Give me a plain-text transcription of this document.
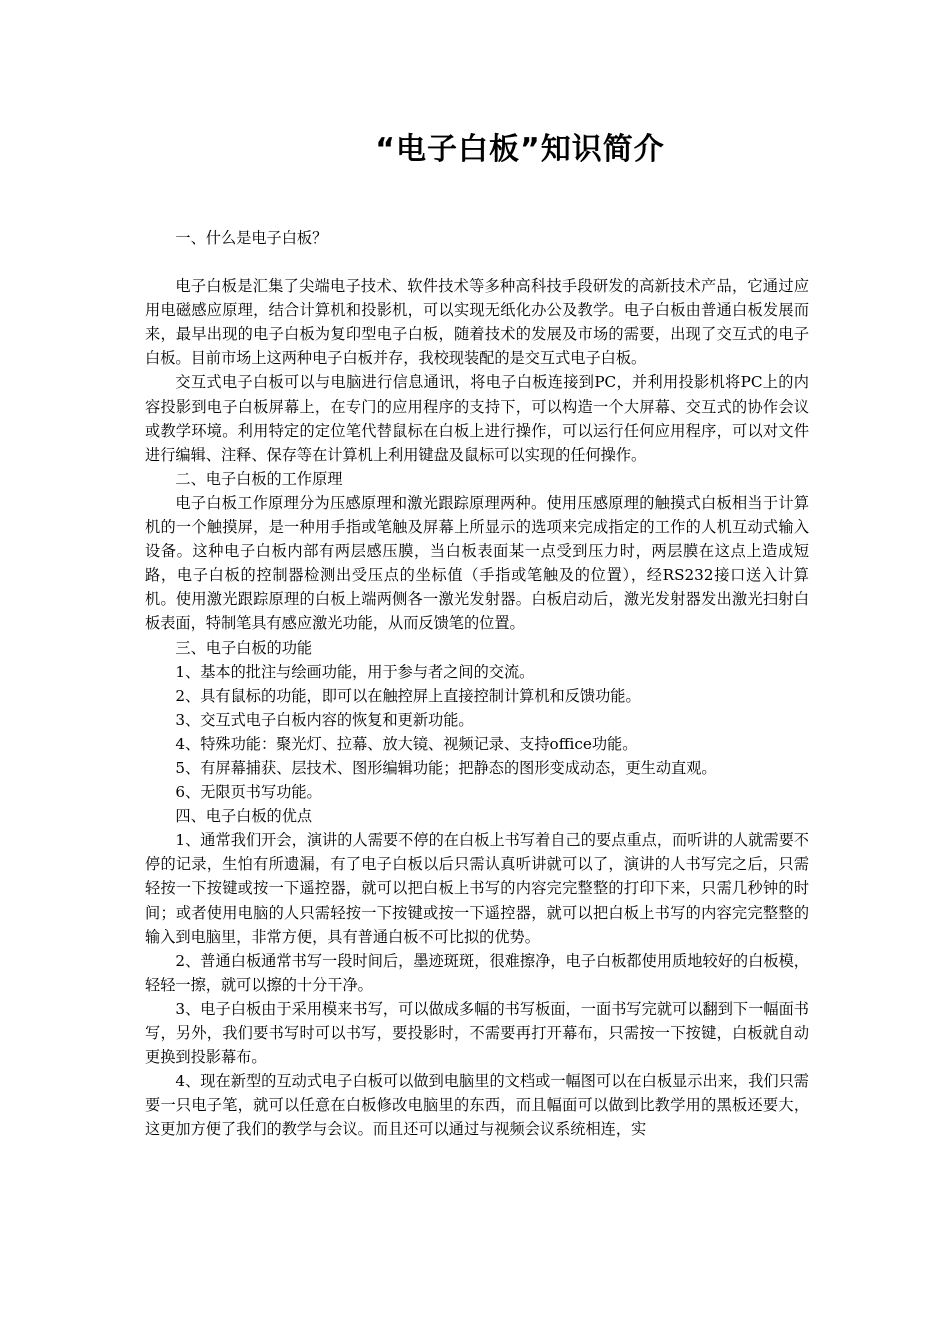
“电子白板”知识简介

一、什么是电子白板？

电子白板是汇集了尖端电子技术、软件技术等多种高科技手段研发的高新技术产品，它通过应用电磁感应原理，结合计算机和投影机，可以实现无纸化办公及教学。电子白板由普通白板发展而来，最早出现的电子白板为复印型电子白板，随着技术的发展及市场的需要，出现了交互式的电子白板。目前市场上这两种电子白板并存，我校现装配的是交互式电子白板。

交互式电子白板可以与电脑进行信息通讯，将电子白板连接到PC，并利用投影机将PC上的内容投影到电子白板屏幕上，在专门的应用程序的支持下，可以构造一个大屏幕、交互式的协作会议或教学环境。利用特定的定位笔代替鼠标在白板上进行操作，可以运行任何应用程序，可以对文件进行编辑、注释、保存等在计算机上利用键盘及鼠标可以实现的任何操作。

二、电子白板的工作原理

电子白板工作原理分为压感原理和激光跟踪原理两种。使用压感原理的触摸式白板相当于计算机的一个触摸屏，是一种用手指或笔触及屏幕上所显示的选项来完成指定的工作的人机互动式输入设备。这种电子白板内部有两层感压膜，当白板表面某一点受到压力时，两层膜在这点上造成短路，电子白板的控制器检测出受压点的坐标值（手指或笔触及的位置），经RS232接口送入计算机。使用激光跟踪原理的白板上端两侧各一激光发射器。白板启动后，激光发射器发出激光扫射白板表面，特制笔具有感应激光功能，从而反馈笔的位置。

三、电子白板的功能

1、基本的批注与绘画功能，用于参与者之间的交流。

2、具有鼠标的功能，即可以在触控屏上直接控制计算机和反馈功能。

3、交互式电子白板内容的恢复和更新功能。

4、特殊功能：聚光灯、拉幕、放大镜、视频记录、支持office功能。

5、有屏幕捕获、层技术、图形编辑功能；把静态的图形变成动态，更生动直观。

6、无限页书写功能。

四、电子白板的优点

1、通常我们开会，演讲的人需要不停的在白板上书写着自己的要点重点，而听讲的人就需要不停的记录，生怕有所遗漏，有了电子白板以后只需认真听讲就可以了，演讲的人书写完之后，只需轻按一下按键或按一下遥控器，就可以把白板上书写的内容完完整整的打印下来，只需几秒钟的时间；或者使用电脑的人只需轻按一下按键或按一下遥控器，就可以把白板上书写的内容完完整整的输入到电脑里，非常方便，具有普通白板不可比拟的优势。

2、普通白板通常书写一段时间后，墨迹斑斑，很难擦净，电子白板都使用质地较好的白板模，轻轻一擦，就可以擦的十分干净。

3、电子白板由于采用模来书写，可以做成多幅的书写板面，一面书写完就可以翻到下一幅面书写，另外，我们要书写时可以书写，要投影时，不需要再打开幕布，只需按一下按键，白板就自动更换到投影幕布。

4、现在新型的互动式电子白板可以做到电脑里的文档或一幅图可以在白板显示出来，我们只需要一只电子笔，就可以任意在白板修改电脑里的东西，而且幅面可以做到比教学用的黑板还要大，这更加方便了我们的教学与会议。而且还可以通过与视频会议系统相连，实
